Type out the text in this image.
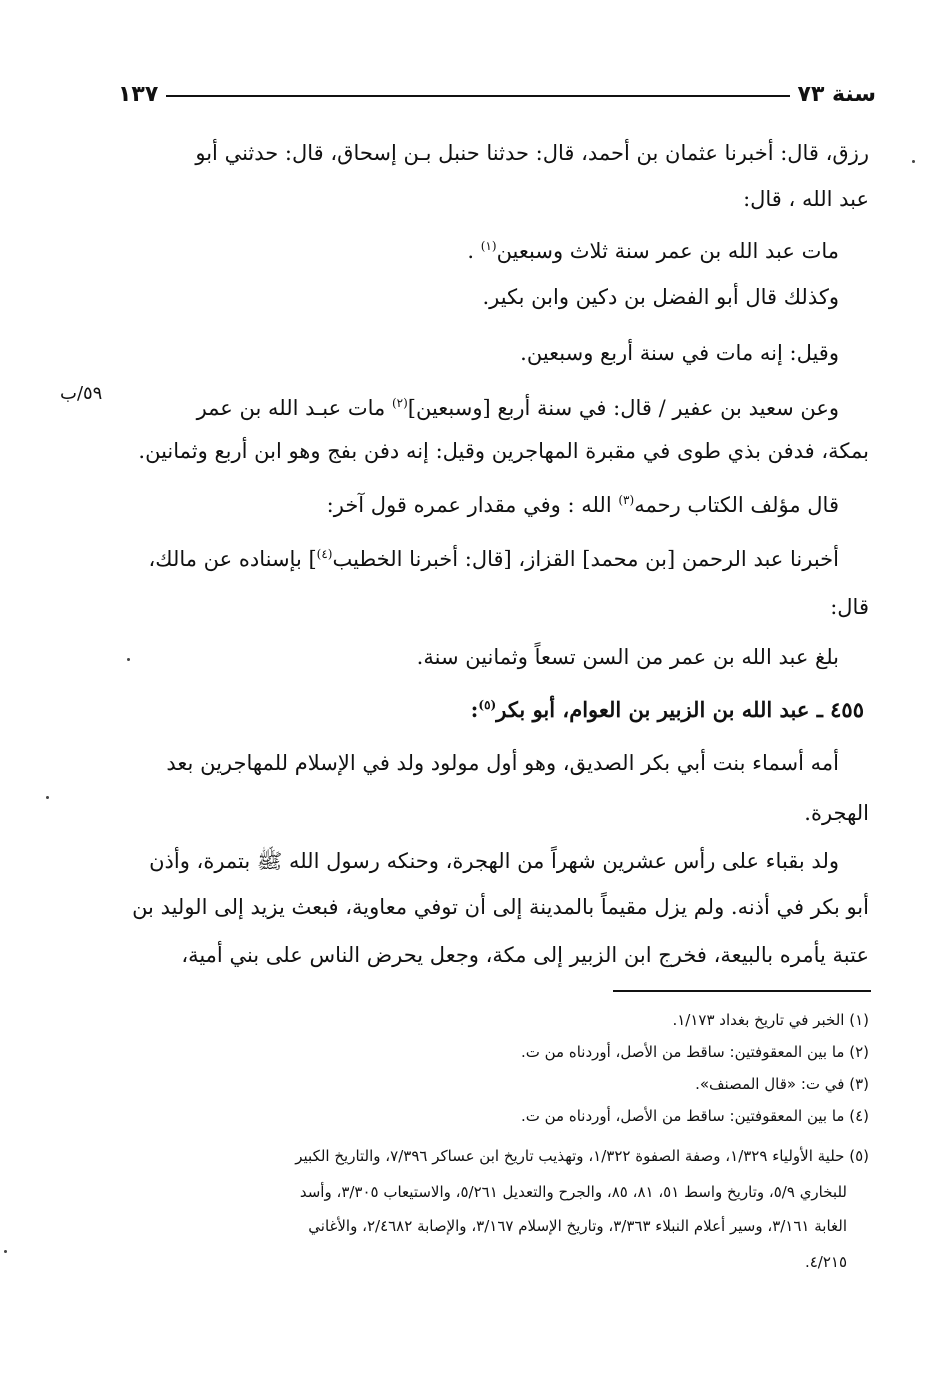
سنة ٧٣
١٣٧
رزق، قال: أخبرنا عثمان بن أحمد، قال: حدثنا حنبل بـن إسحاق، قال: حدثني أبو
عبد الله ، قال:
مات عبد الله بن عمر سنة ثلاث وسبعين$^{(١)}$ .
وكذلك قال أبو الفضل بن دكين وابن بكير.
وقيل: إنه مات في سنة أربع وسبعين.
وعن سعيد بن عفير / قال: في سنة أربع [وسبعين]$^{(٢)}$ مات عبـد الله بن عمر
٥٩/ب
بمكة، فدفن بذي طوى في مقبرة المهاجرين وقيل: إنه دفن بفج وهو ابن أربع وثمانين.
قال مؤلف الكتاب رحمه$^{(٣)}$ الله : وفي مقدار عمره قول آخر:
أخبرنا عبد الرحمن [بن محمد] القزاز، [قال: أخبرنا الخطيب$^{(٤)}$] بإسناده عن مالك،
قال:
بلغ عبد الله بن عمر من السن تسعاً وثمانين سنة.
٤٥٥ ـ عبد الله بن الزبير بن العوام، أبو بكر$^{(٥)}$:
أمه أسماء بنت أبي بكر الصديق، وهو أول مولود ولد في الإسلام للمهاجرين بعد
الهجرة.
ولد بقباء على رأس عشرين شهراً من الهجرة، وحنكه رسول الله ﷺ بتمرة، وأذن
أبو بكر في أذنه. ولم يزل مقيماً بالمدينة إلى أن توفي معاوية، فبعث يزيد إلى الوليد بن
عتبة يأمره بالبيعة، فخرج ابن الزبير إلى مكة، وجعل يحرض الناس على بني أمية،
(١) الخبر في تاريخ بغداد ١/١٧٣.
(٢) ما بين المعقوفتين: ساقط من الأصل، أوردناه من ت.
(٣) في ت: «قال المصنف».
(٤) ما بين المعقوفتين: ساقط من الأصل، أوردناه من ت.
(٥) حلية الأولياء ١/٣٢٩، وصفة الصفوة ١/٣٢٢، وتهذيب تاريخ ابن عساكر ٧/٣٩٦، والتاريخ الكبير
للبخاري ٥/٩، وتاريخ واسط ٥١، ٨١، ٨٥، والجرح والتعديل ٥/٢٦١، والاستيعاب ٣/٣٠٥، وأسد
الغابة ٣/١٦١، وسير أعلام النبلاء ٣/٣٦٣، وتاريخ الإسلام ٣/١٦٧، والإصابة ٢/٤٦٨٢، والأغاني
٤/٢١٥.
